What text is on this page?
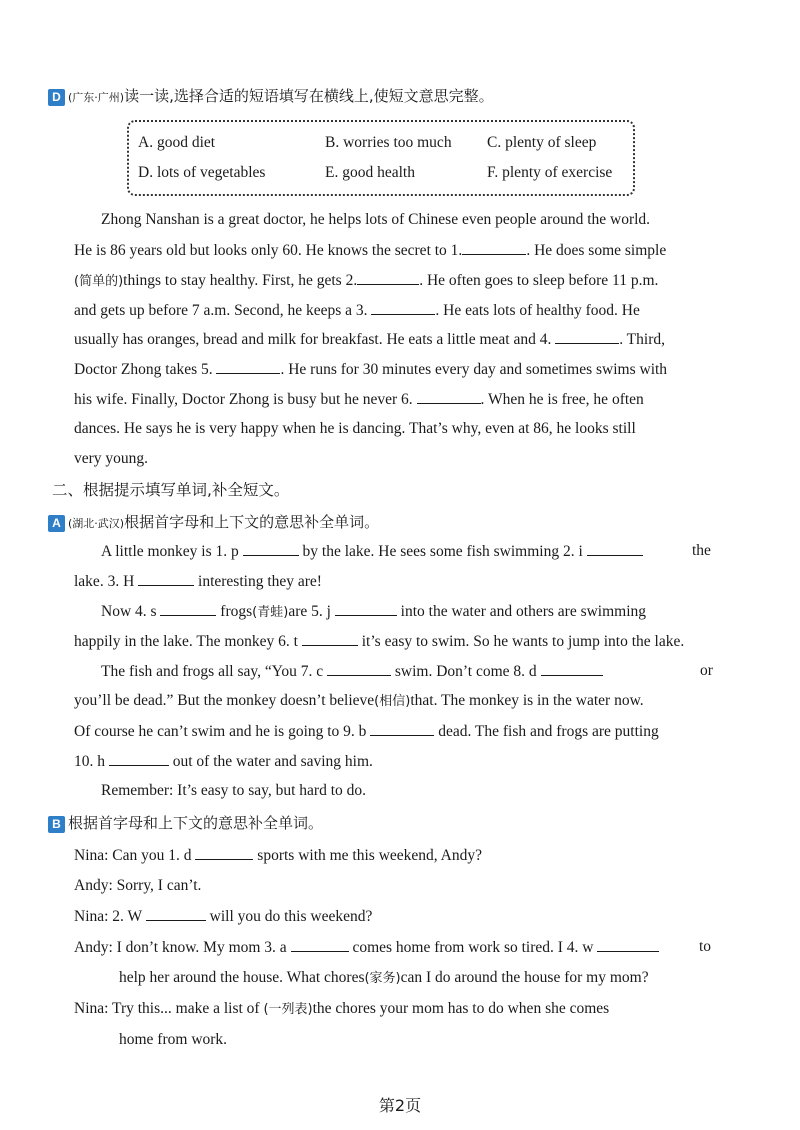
D (广东·广州)读一读,选择合适的短语填写在横线上,使短文意思完整。
A. good diet	B. worries too much C. plenty of sleep
D. lots of vegetables	E. good health	F. plenty of exercise
Zhong Nanshan is a great doctor, he helps lots of Chinese even people around the world.
He is 86 years old but looks only 60. He knows the secret to 1.	. He does some simple
(简单的)things to stay healthy. First, he gets 2.	. He often goes to sleep before 11 p.m.
and gets up before 7 a.m. Second, he keeps a 3.	. He eats lots of healthy food. He
usually has oranges, bread and milk for breakfast. He eats a little meat and 4.	. Third,
Doctor Zhong takes 5.	. He runs for 30 minutes every day and sometimes swims with
his wife. Finally, Doctor Zhong is busy but he never 6.	. When he is free, he often
dances. He says he is very happy when he is dancing. That’s why, even at 86, he looks still
very young.
二、根据提示填写单词,补全短文。
A (湖北·武汉)根据首字母和上下文的意思补全单词。
A little monkey is 1. p	by the lake. He sees some fish swimming 2. i	the
lake. 3. H	interesting they are!
Now 4. s	frogs(青蛙)are 5. j	into the water and others are swimming
happily in the lake. The monkey 6. t	it’s easy to swim. So he wants to jump into the lake.
The fish and frogs all say, “You 7. c	swim. Don’t come 8. d	or
you’ll be dead.” But the monkey doesn’t believe(相信)that. The monkey is in the water now.
Of course he can’t swim and he is going to 9. b	dead. The fish and frogs are putting
10. h	out of the water and saving him.
Remember: It’s easy to say, but hard to do.
B 根据首字母和上下文的意思补全单词。
Nina: Can you 1. d	sports with me this weekend, Andy?
Andy: Sorry, I can’t.
Nina: 2. W	will you do this weekend?
Andy: I don’t know. My mom 3. a	comes home from work so tired. I 4. w	to
help her around the house. What chores(家务)can I do around the house for my mom?
Nina: Try this... make a list of (一列表)the chores your mom has to do when she comes
home from work.
第2页
